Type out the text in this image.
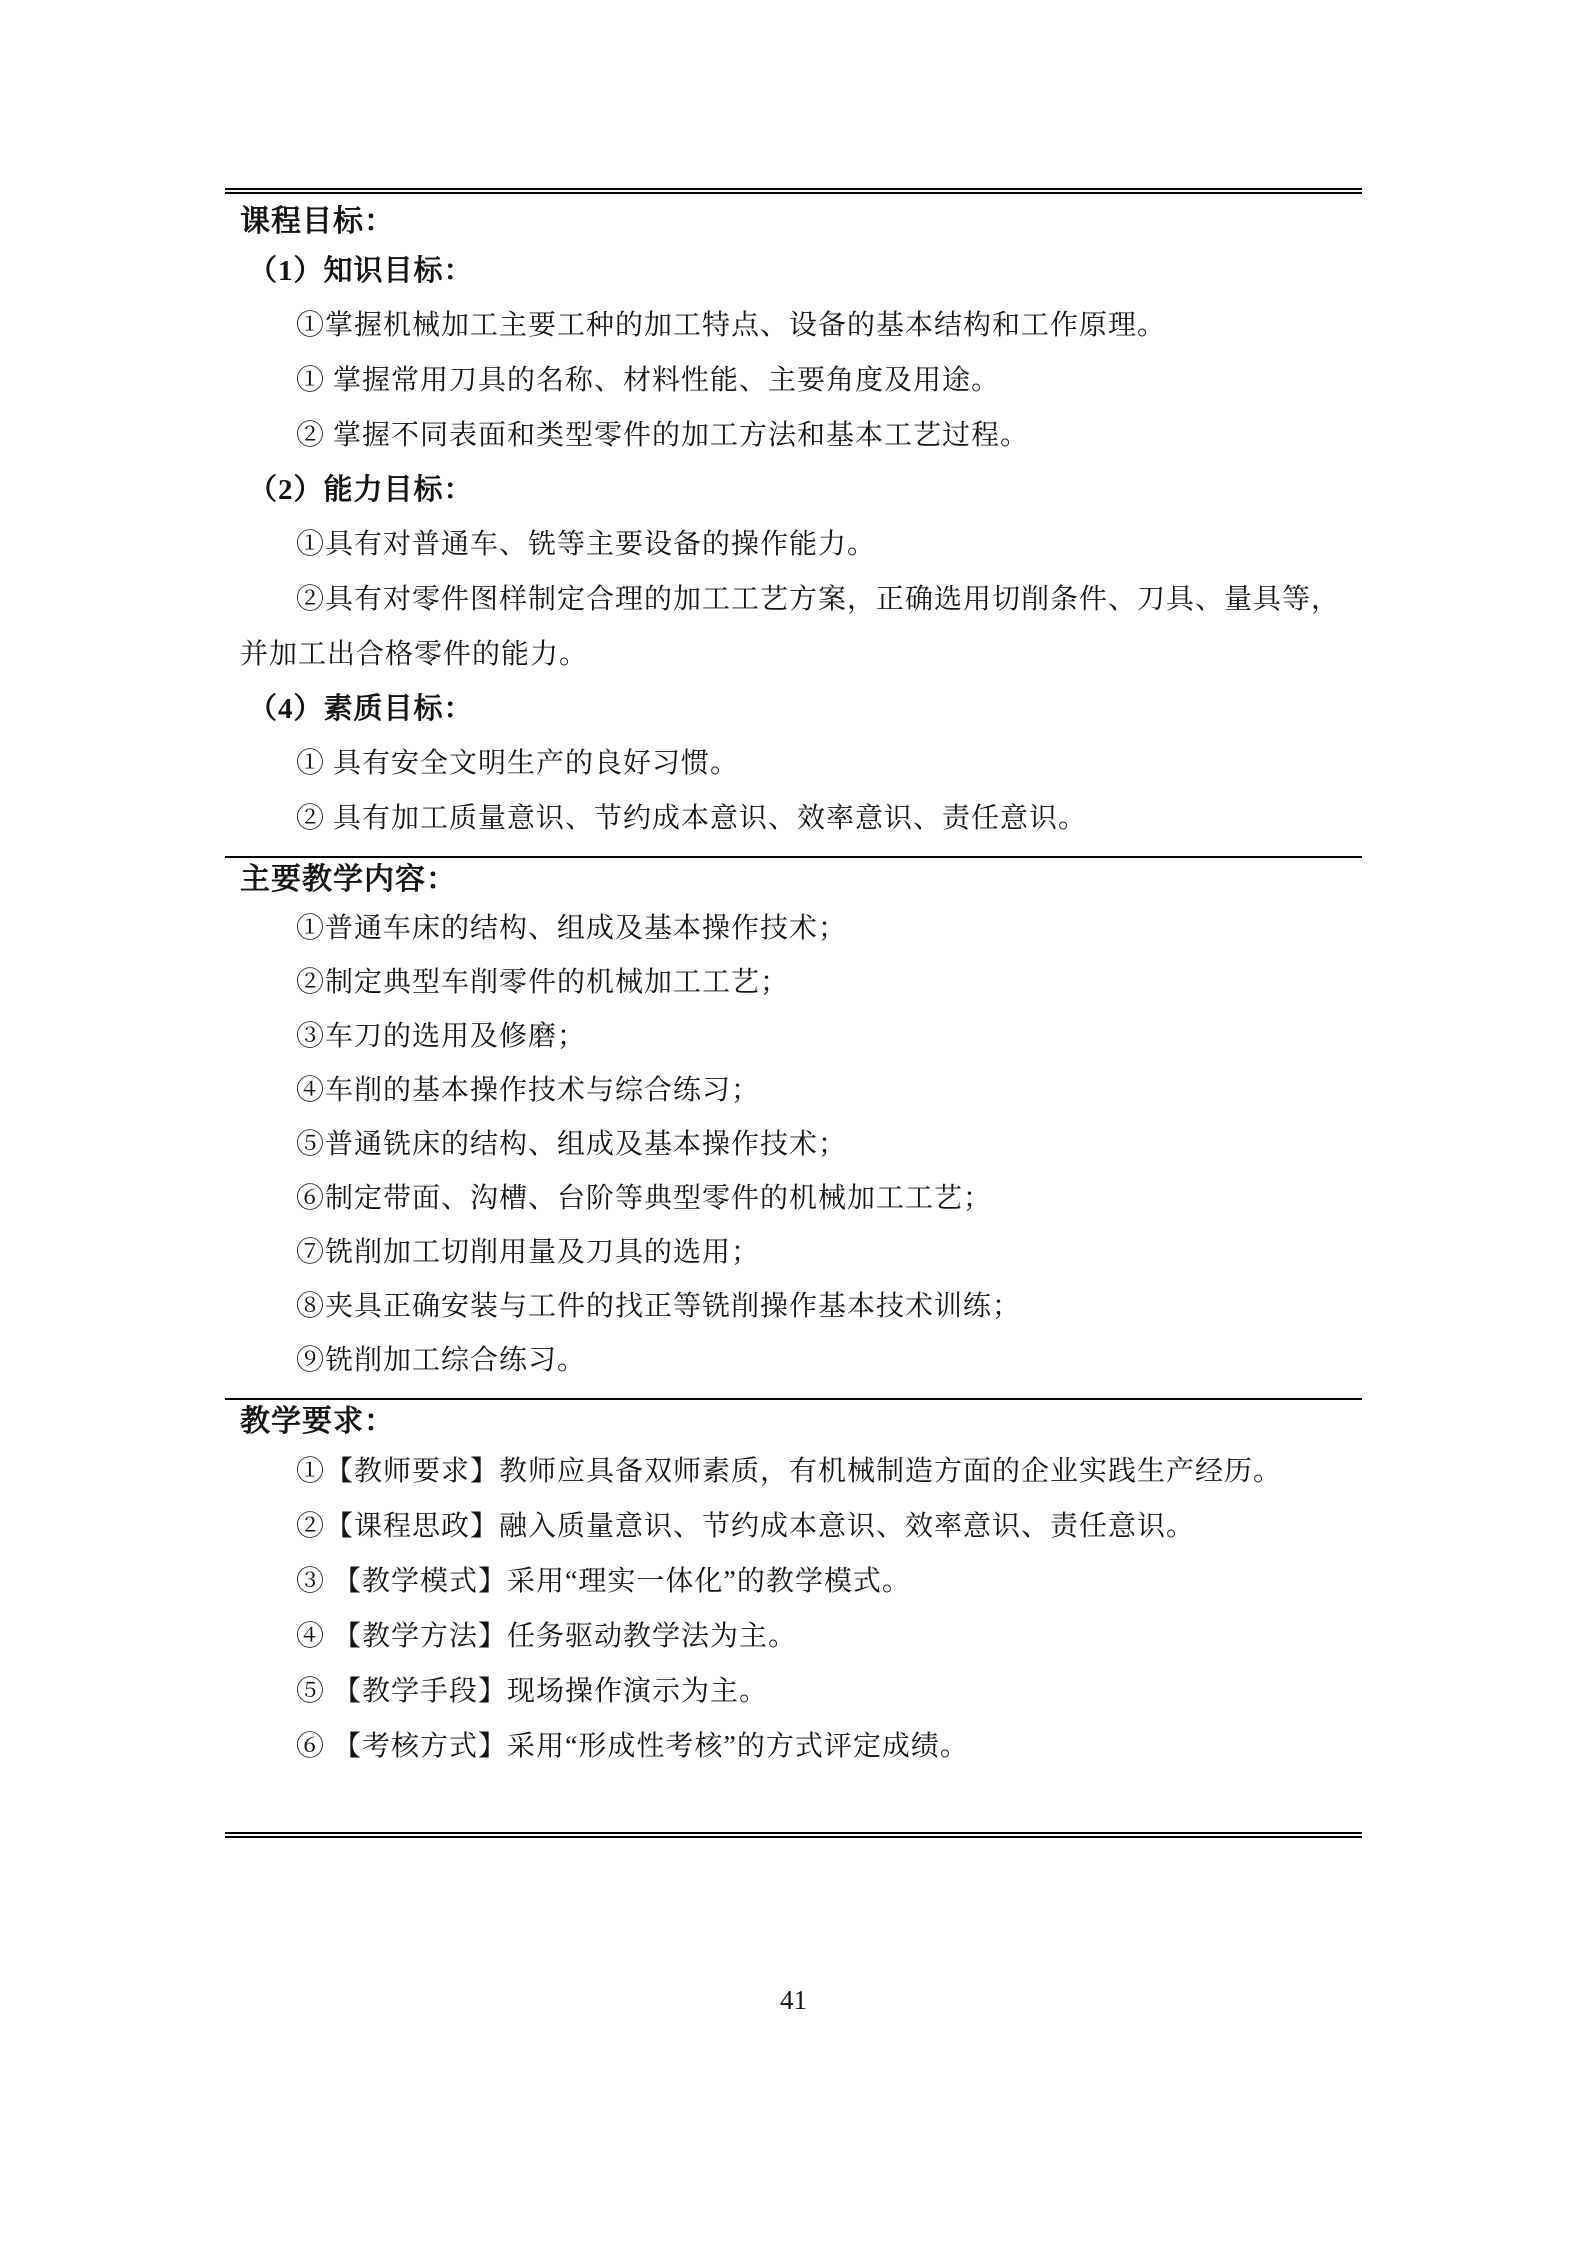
课程目标：
（1）知识目标：

①掌握机械加工主要工种的加工特点、设备的基本结构和工作原理。

① 掌握常用刀具的名称、材料性能、主要角度及用途。

② 掌握不同表面和类型零件的加工方法和基本工艺过程。

（2）能力目标：

①具有对普通车、铣等主要设备的操作能力。

②具有对零件图样制定合理的加工工艺方案，正确选用切削条件、刀具、量具等，并加工出合格零件的能力。

（4）素质目标：

① 具有安全文明生产的良好习惯。

② 具有加工质量意识、节约成本意识、效率意识、责任意识。

主要教学内容：

①普通车床的结构、组成及基本操作技术；

②制定典型车削零件的机械加工工艺；

③车刀的选用及修磨；

④车削的基本操作技术与综合练习；

⑤普通铣床的结构、组成及基本操作技术；

⑥制定带面、沟槽、台阶等典型零件的机械加工工艺；

⑦铣削加工切削用量及刀具的选用；

⑧夹具正确安装与工件的找正等铣削操作基本技术训练；

⑨铣削加工综合练习。

教学要求：

①【教师要求】教师应具备双师素质，有机械制造方面的企业实践生产经历。

②【课程思政】融入质量意识、节约成本意识、效率意识、责任意识。

③ 【教学模式】采用“理实一体化”的教学模式。

④ 【教学方法】任务驱动教学法为主。

⑤ 【教学手段】现场操作演示为主。

⑥ 【考核方式】采用“形成性考核”的方式评定成绩。

41
